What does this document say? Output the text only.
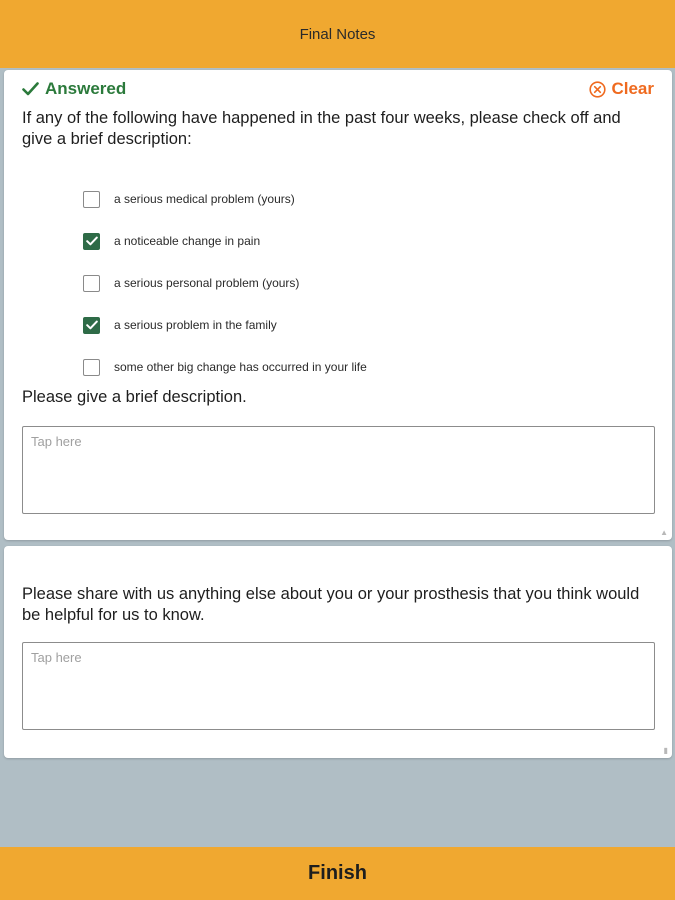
Final Notes
Answered	Clear
If any of the following have happened in the past four weeks, please check off and give a brief description:
a serious medical problem (yours)
a noticeable change in pain
a serious personal problem (yours)
a serious problem in the family
some other big change has occurred in your life
Please give a brief description.
Tap here
▲
Please share with us anything else about you or your prosthesis that you think would be helpful for us to know.
Tap here
▮
Finish
